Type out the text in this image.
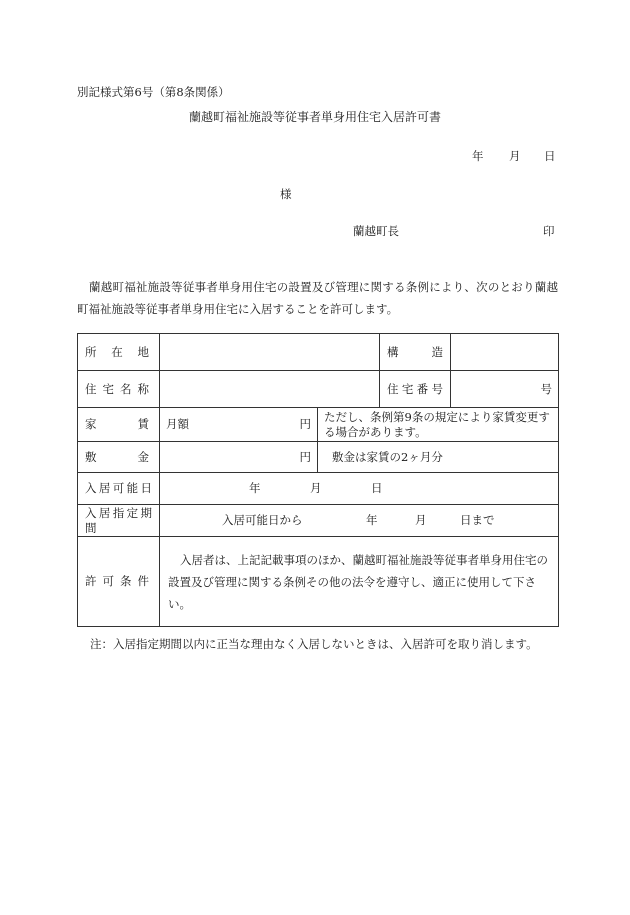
別記様式第6号（第8条関係）
蘭越町福祉施設等従事者単身用住宅入居許可書
年 月 日
様
蘭越町長	印
蘭越町福祉施設等従事者単身用住宅の設置及び管理に関する条例により、次のとおり蘭越町福祉施設等従事者単身用住宅に入居することを許可します。
所在地				構造	
住宅名称				住宅番号	号
家賃	月額	円	ただし、条例第9条の規定により家賃変更する場合があります。		
敷金		円	敷金は家賃の2ヶ月分		
入居可能日	年 月 日				

入居指定期間	入居可能日から 年 月 日まで				

許可条件	入居者は、上記記載事項のほか、蘭越町福祉施設等従事者単身用住宅の設置及び管理に関する条例その他の法令を遵守し、適正に使用して下さい。				
注：入居指定期間以内に正当な理由なく入居しないときは、入居許可を取り消します。
